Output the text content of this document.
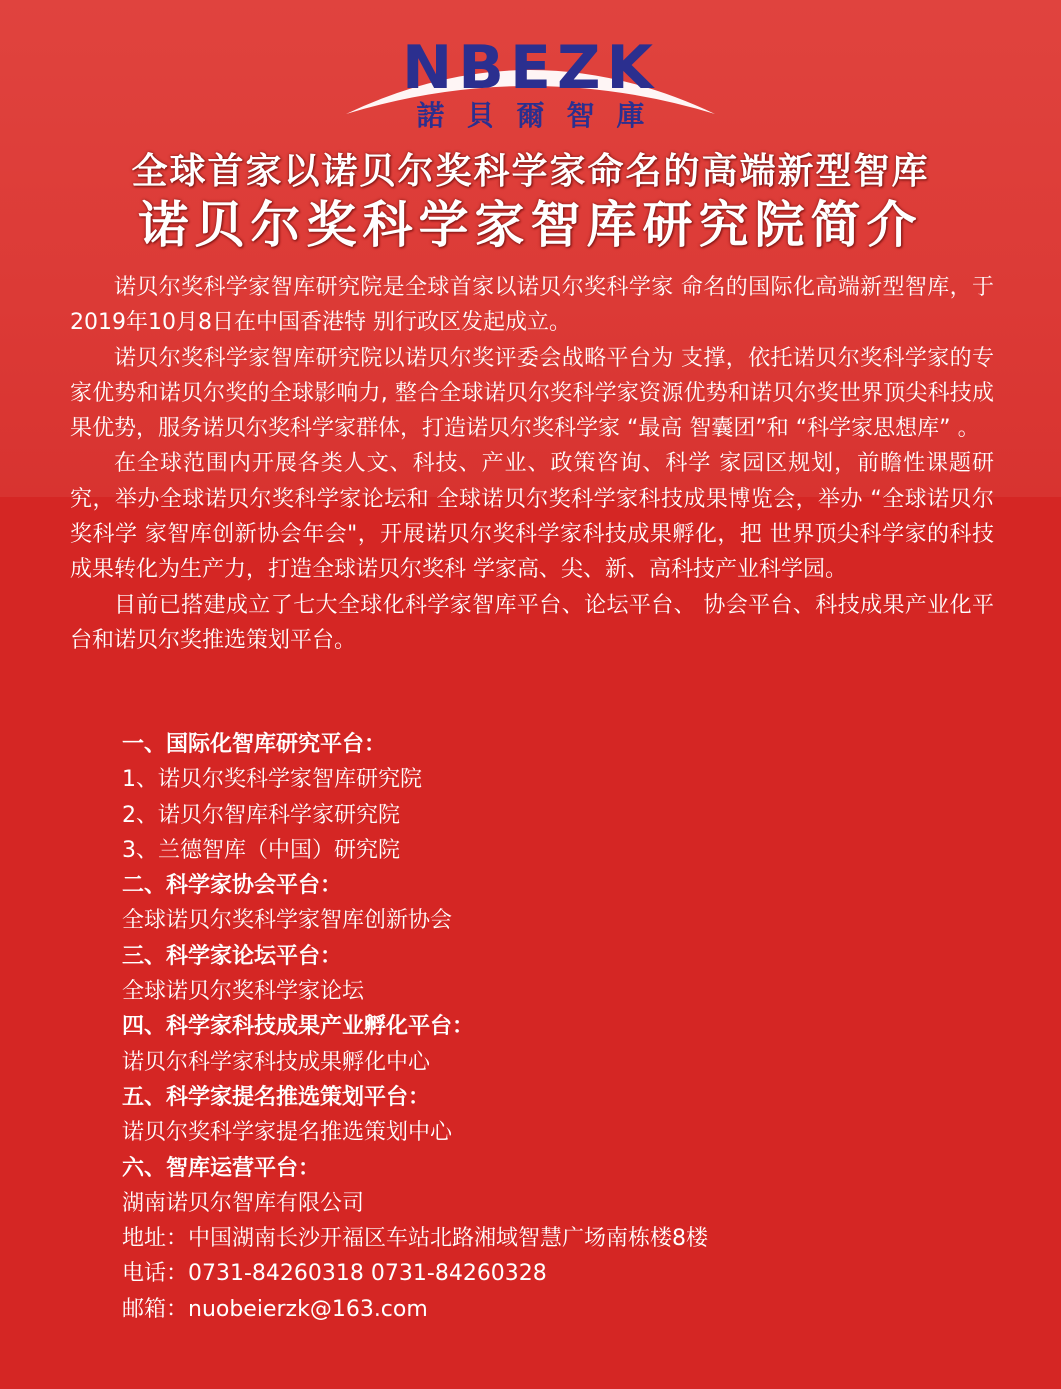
NBEZK
諾貝爾智庫
全球首家以诺贝尔奖科学家命名的高端新型智库
诺贝尔奖科学家智库研究院简介

诺贝尔奖科学家智库研究院是全球首家以诺贝尔奖科学家 命名的国际化高端新型智库，于2019年10月8日在中国香港特 别行政区发起成立。

诺贝尔奖科学家智库研究院以诺贝尔奖评委会战略平台为 支撑，依托诺贝尔奖科学家的专家优势和诺贝尔奖的全球影响力, 整合全球诺贝尔奖科学家资源优势和诺贝尔奖世界顶尖科技成 果优势，服务诺贝尔奖科学家群体，打造诺贝尔奖科学家 “最高 智囊团”和 “科学家思想库” 。

在全球范围内开展各类人文、科技、产业、政策咨询、科学 家园区规划，前瞻性课题研究，举办全球诺贝尔奖科学家论坛和 全球诺贝尔奖科学家科技成果博览会，举办 “全球诺贝尔奖科学 家智库创新协会年会"，开展诺贝尔奖科学家科技成果孵化，把 世界顶尖科学家的科技成果转化为生产力，打造全球诺贝尔奖科 学家高、尖、新、高科技产业科学园。

目前已搭建成立了七大全球化科学家智库平台、论坛平台、 协会平台、科技成果产业化平台和诺贝尔奖推选策划平台。

一、国际化智库研究平台：
1、诺贝尔奖科学家智库研究院
2、诺贝尔智库科学家研究院
3、兰德智库（中国）研究院
二、科学家协会平台：
全球诺贝尔奖科学家智库创新协会
三、科学家论坛平台：
全球诺贝尔奖科学家论坛
四、科学家科技成果产业孵化平台：
诺贝尔科学家科技成果孵化中心
五、科学家提名推选策划平台：
诺贝尔奖科学家提名推选策划中心
六、智库运营平台：
湖南诺贝尔智库有限公司
地址：中国湖南长沙开福区车站北路湘域智慧广场南栋楼8楼
电话：0731-84260318 0731-84260328
邮箱：nuobeierzk@163.com
